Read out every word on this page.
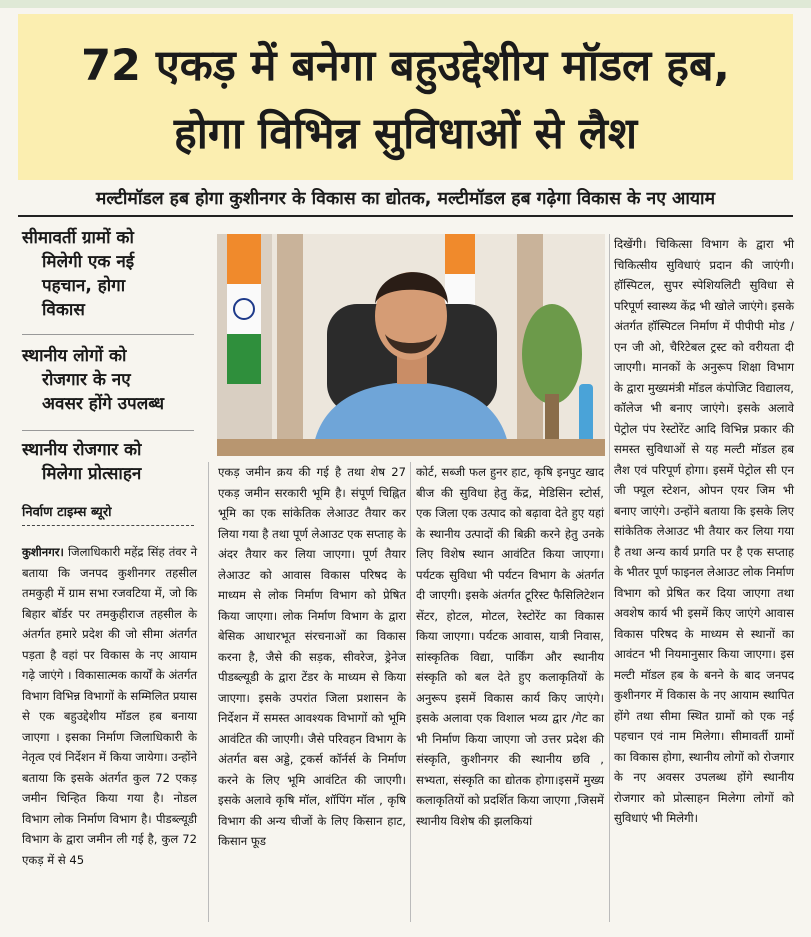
72 एकड़ में बनेगा बहुउद्देशीय मॉडल हब,
होगा विभिन्न सुविधाओं से लैश
मल्टीमॉडल हब होगा कुशीनगर के विकास का द्योतक, मल्टीमॉडल हब गढ़ेगा विकास के नए आयाम
सीमावर्ती ग्रामों को
मिलेगी एक नई
पहचान, होगा
विकास
स्थानीय लोगों को
रोजगार के नए
अवसर होंगे उपलब्ध
स्थानीय रोजगार को
मिलेगा प्रोत्साहन
निर्वाण टाइम्स ब्यूरो

कुशीनगर। जिलाधिकारी महेंद्र सिंह तंवर ने बताया कि जनपद कुशीनगर तहसील तमकुही में ग्राम सभा रजवटिया में, जो कि बिहार बॉर्डर पर तमकुहीराज तहसील के अंतर्गत हमारे प्रदेश की जो सीमा अंतर्गत पड़ता है वहां पर विकास के नए आयाम गढ़े जाएंगे । विकासात्मक कार्यों के अंतर्गत विभाग विभिन्न विभागों के सम्मिलित प्रयास से एक बहुउद्देशीय मॉडल हब बनाया जाएगा । इसका निर्माण जिलाधिकारी के नेतृत्व एवं निर्देशन में किया जायेगा। उन्होंने बताया कि इसके अंतर्गत कुल 72 एकड़ जमीन चिन्हित किया गया है। नोडल विभाग लोक निर्माण विभाग है। पीडब्ल्यूडी विभाग के द्वारा जमीन ली गई है, कुल 72 एकड़ में से 45

एकड़ जमीन क्रय की गई है तथा शेष 27 एकड़ जमीन सरकारी भूमि है। संपूर्ण चिह्नित भूमि का एक सांकेतिक लेआउट तैयार कर लिया गया है तथा पूर्ण लेआउट एक सप्ताह के अंदर तैयार कर लिया जाएगा। पूर्ण तैयार लेआउट को आवास विकास परिषद के माध्यम से लोक निर्माण विभाग को प्रेषित किया जाएगा। लोक निर्माण विभाग के द्वारा बेसिक आधारभूत संरचनाओं का विकास करना है, जैसे की सड़क, सीवरेज, ड्रेनेज पीडब्ल्यूडी के द्वारा टेंडर के माध्यम से किया जाएगा। इसके उपरांत जिला प्रशासन के निर्देशन में समस्त आवश्यक विभागों को भूमि आवंटित की जाएगी। जैसे परिवहन विभाग के अंतर्गत बस अड्डे, ट्रकर्स कॉर्नर्स के निर्माण करने के लिए भूमि आवंटित की जाएगी। इसके अलावे कृषि मॉल, शॉपिंग मॉल , कृषि विभाग की अन्य चीजों के लिए किसान हाट, किसान फूड

कोर्ट, सब्जी फल हुनर हाट, कृषि इनपुट खाद बीज की सुविधा हेतु केंद्र, मेडिसिन स्टोर्स, एक जिला एक उत्पाद को बढ़ावा देते हुए यहां के स्थानीय उत्पादों की बिक्री करने हेतु उनके लिए विशेष स्थान आवंटित किया जाएगा। पर्यटक सुविधा भी पर्यटन विभाग के अंतर्गत दी जाएगी। इसके अंतर्गत टूरिस्ट फैसिलिटेशन सेंटर, होटल, मोटल, रेस्टोरेंट का विकास किया जाएगा। पर्यटक आवास, यात्री निवास, सांस्कृतिक विद्या, पार्किंग और स्थानीय संस्कृति को बल देते हुए कलाकृतियों के अनुरूप इसमें विकास कार्य किए जाएंगे। इसके अलावा एक विशाल भव्य द्वार /गेट का भी निर्माण किया जाएगा जो उत्तर प्रदेश की संस्कृति, कुशीनगर की स्थानीय छवि , सभ्यता, संस्कृति का द्योतक होगा।इसमें मुख्य कलाकृतियों को प्रदर्शित किया जाएगा ,जिसमें स्थानीय विशेष की झलकियां

दिखेंगी। चिकित्सा विभाग के द्वारा भी चिकित्सीय सुविधाएं प्रदान की जाएंगी। हॉस्पिटल, सुपर स्पेशियलिटी सुविधा से परिपूर्ण स्वास्थ्य केंद्र भी खोले जाएंगे। इसके अंतर्गत हॉस्पिटल निर्माण में पीपीपी मोड /एन जी ओ, चैरिटेबल ट्रस्ट को वरीयता दी जाएगी। मानकों के अनुरूप शिक्षा विभाग के द्वारा मुख्यमंत्री मॉडल कंपोजिट विद्यालय, कॉलेज भी बनाए जाएंगे। इसके अलावे पेट्रोल पंप रेस्टोरेंट आदि विभिन्न प्रकार की समस्त सुविधाओं से यह मल्टी मॉडल हब लैश एवं परिपूर्ण होगा। इसमें पेट्रोल सी एन जी फ्यूल स्टेशन, ओपन एयर जिम भी बनाए जाएंगे। उन्होंने बताया कि इसके लिए सांकेतिक लेआउट भी तैयार कर लिया गया है तथा अन्य कार्य प्रगति पर है एक सप्ताह के भीतर पूर्ण फाइनल लेआउट लोक निर्माण विभाग को प्रेषित कर दिया जाएगा तथा अवशेष कार्य भी इसमें किए जाएंगे आवास विकास परिषद के माध्यम से स्थानों का आवंटन भी नियमानुसार किया जाएगा। इस मल्टी मॉडल हब के बनने के बाद जनपद कुशीनगर में विकास के नए आयाम स्थापित होंगे तथा सीमा स्थित ग्रामों को एक नई पहचान एवं नाम मिलेगा। सीमावर्ती ग्रामों का विकास होगा, स्थानीय लोगों को रोजगार के नए अवसर उपलब्ध होंगे स्थानीय रोजगार को प्रोत्साहन मिलेगा लोगों को सुविधाएं भी मिलेगी।
